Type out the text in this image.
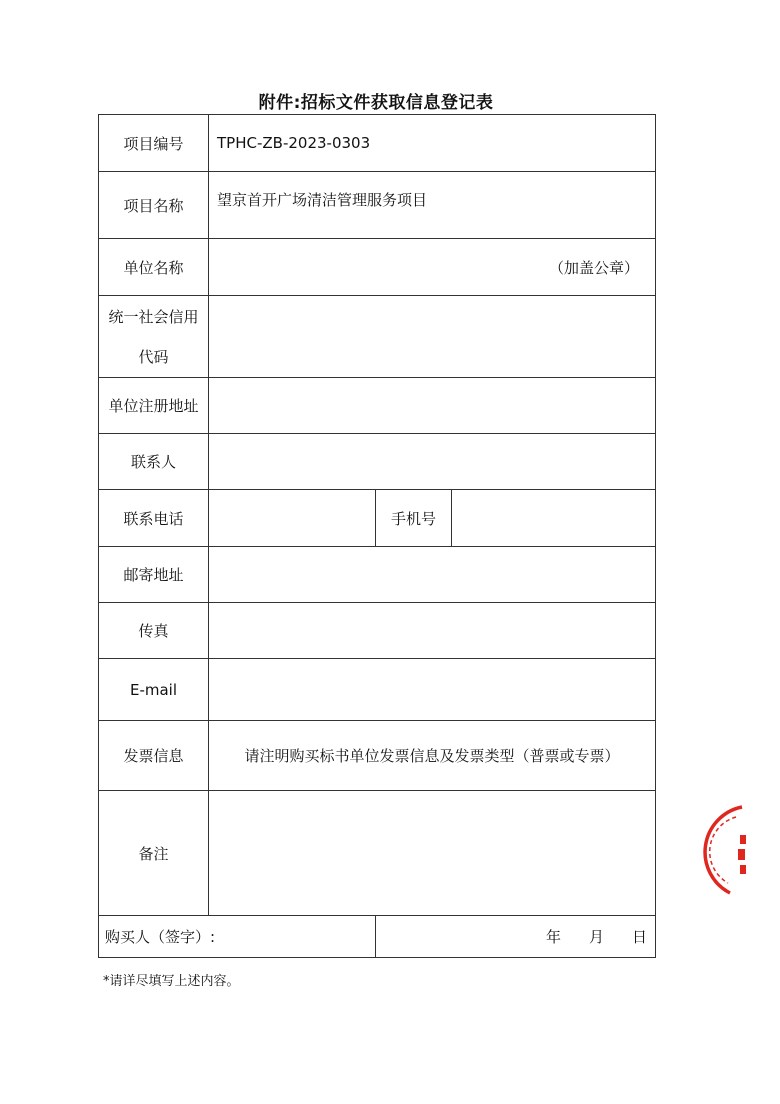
附件:招标文件获取信息登记表
项目编号	TPHC-ZB-2023-0303		
项目名称	望京首开广场清洁管理服务项目		
单位名称	（加盖公章）		
统一社会信用
代码			
单位注册地址			
联系人			
联系电话		手机号	
邮寄地址			
传真			
E-mail			
发票信息	请注明购买标书单位发票信息及发票类型（普票或专票）		
备注			
购买人（签字）:		年 月 日	
*请详尽填写上述内容。
